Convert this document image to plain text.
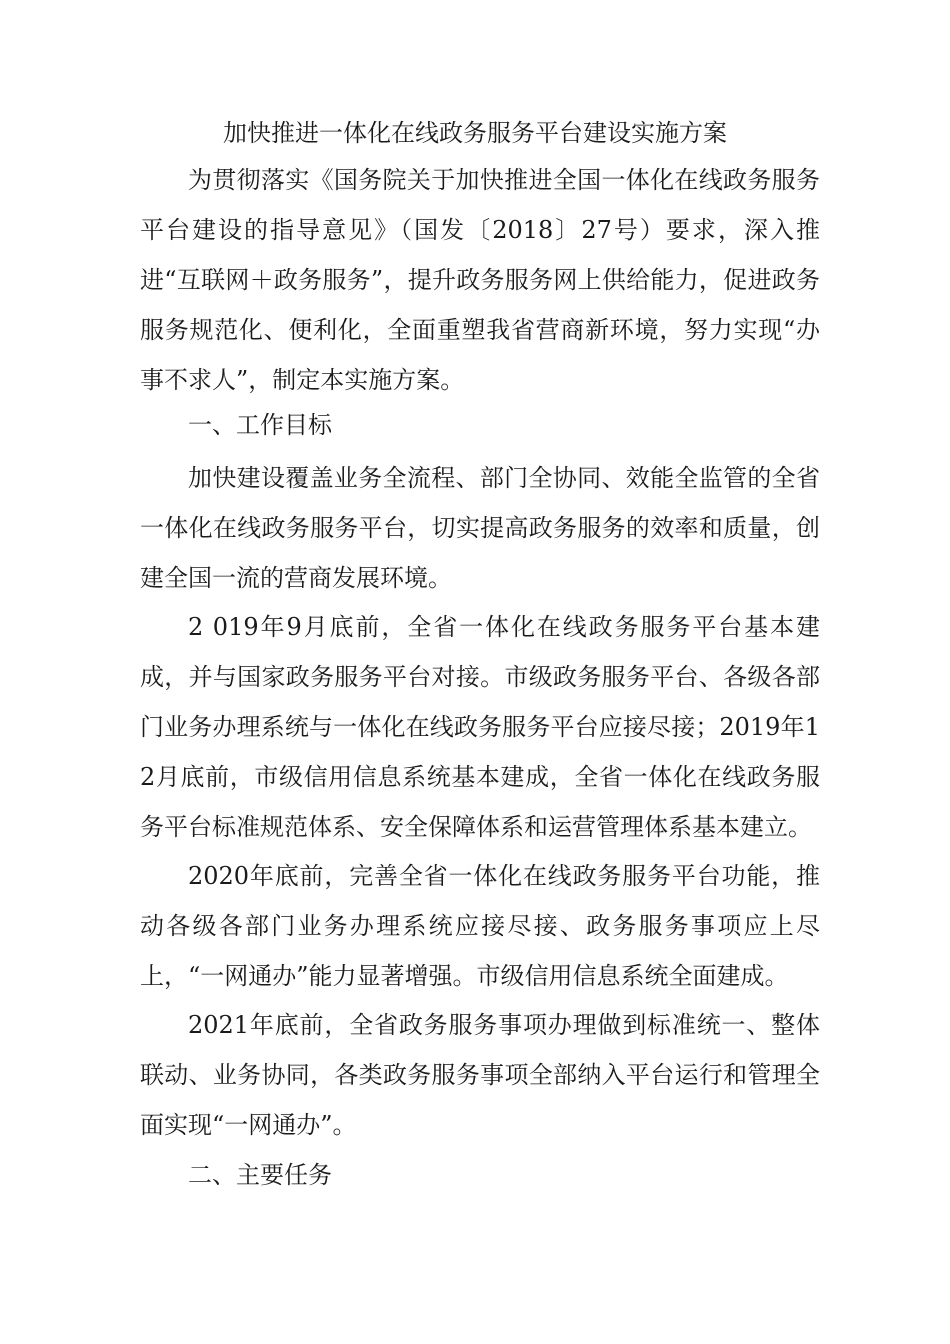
加快推进一体化在线政务服务平台建设实施方案

为贯彻落实《国务院关于加快推进全国一体化在线政务服务平台建设的指导意见》（国发〔2018〕27号）要求，深入推进“互联网＋政务服务”，提升政务服务网上供给能力，促进政务服务规范化、便利化，全面重塑我省营商新环境，努力实现“办事不求人”，制定本实施方案。

一、工作目标

加快建设覆盖业务全流程、部门全协同、效能全监管的全省一体化在线政务服务平台，切实提高政务服务的效率和质量，创建全国一流的营商发展环境。

2 019年9月底前，全省一体化在线政务服务平台基本建成，并与国家政务服务平台对接。市级政务服务平台、各级各部门业务办理系统与一体化在线政务服务平台应接尽接；2019年12月底前，市级信用信息系统基本建成，全省一体化在线政务服务平台标准规范体系、安全保障体系和运营管理体系基本建立。

2020年底前，完善全省一体化在线政务服务平台功能，推动各级各部门业务办理系统应接尽接、政务服务事项应上尽上，“一网通办”能力显著增强。市级信用信息系统全面建成。

2021年底前，全省政务服务事项办理做到标准统一、整体联动、业务协同，各类政务服务事项全部纳入平台运行和管理全面实现“一网通办”。

二、主要任务
